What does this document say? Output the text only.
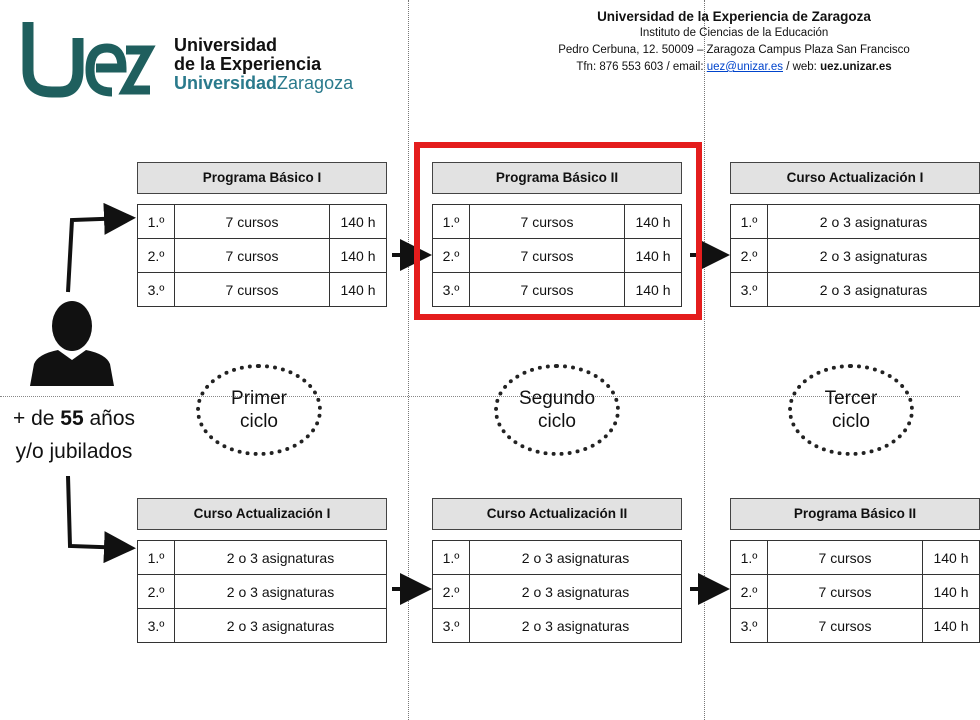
Universidad
de la Experiencia
UniversidadZaragoza
Universidad de la Experiencia de Zaragoza
Instituto de Ciencias de la Educación
Pedro Cerbuna, 12. 50009 – Zaragoza Campus Plaza San Francisco
Tfn: 876 553 603 / email: uez@unizar.es / web: uez.unizar.es
+ de 55 años
y/o jubilados
Primer
ciclo
Segundo
ciclo
Tercer
ciclo
Programa Básico I
1.º	7 cursos	140 h
2.º	7 cursos	140 h
3.º	7 cursos	140 h
Programa Básico II
1.º	7 cursos	140 h
2.º	7 cursos	140 h
3.º	7 cursos	140 h
Curso Actualización I
1.º	2 o 3 asignaturas
2.º	2 o 3 asignaturas
3.º	2 o 3 asignaturas
Curso Actualización I
1.º	2 o 3 asignaturas
2.º	2 o 3 asignaturas
3.º	2 o 3 asignaturas
Curso Actualización II
1.º	2 o 3 asignaturas
2.º	2 o 3 asignaturas
3.º	2 o 3 asignaturas
Programa Básico II
1.º	7 cursos	140 h
2.º	7 cursos	140 h
3.º	7 cursos	140 h
